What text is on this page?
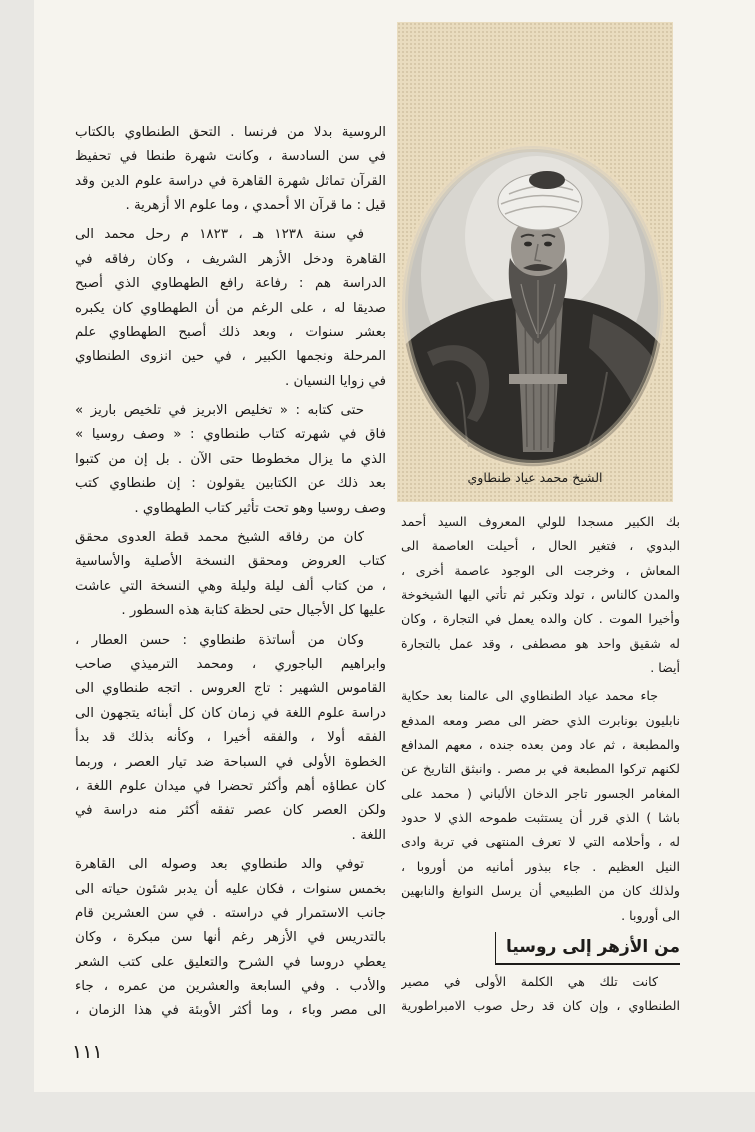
الشيخ محمد عياد طنطاوي
الروسية بدلا من فرنسا . التحق الطنطاوي بالكتاب
في سن السادسة ، وكانت شهرة طنطا في تحفيظ
القرآن تماثل شهرة القاهرة في دراسة علوم الدين وقد
قيل : ما قرآن الا أحمدي ، وما علوم الا أزهرية .
في سنة ١٢٣٨ هـ ، ١٨٢٣ م رحل محمد الى
القاهرة ودخل الأزهر الشريف ، وكان رفاقه في
الدراسة هم : رفاعة رافع الطهطاوي الذي أصبح
صديقا له ، على الرغم من أن الطهطاوي كان يكبره
بعشر سنوات ، وبعد ذلك أصبح الطهطاوي علم
المرحلة ونجمها الكبير ، في حين انزوى الطنطاوي
في زوايا النسيان .
حتى كتابه : « تخليص الابريز في تلخيص باريز »
فاق في شهرته كتاب طنطاوي : « وصف روسيا »
الذي ما يزال مخطوطا حتى الآن . بل إن من كتبوا
بعد ذلك عن الكتابين يقولون : إن طنطاوي كتب
وصف روسيا وهو تحت تأثير كتاب الطهطاوي .
كان من رفاقه الشيخ محمد قطة العدوى محقق
كتاب العروض ومحقق النسخة الأصلية والأساسية
، من كتاب ألف ليلة وليلة وهي النسخة التي عاشت
عليها كل الأجيال حتى لحظة كتابة هذه السطور .
وكان من أساتذة طنطاوي : حسن العطار ،
وابراهيم الباجوري ، ومحمد الترميذي صاحب
القاموس الشهير : تاج العروس . اتجه طنطاوي الى
دراسة علوم اللغة في زمان كان كل أبنائه يتجهون الى
الفقه أولا ، والفقه أخيرا ، وكأنه بذلك قد بدأ
الخطوة الأولى في السباحة ضد تيار العصر ، وربما
كان عطاؤه أهم وأكثر تحضرا في ميدان علوم اللغة ،
ولكن العصر كان عصر تفقه أكثر منه دراسة في
اللغة .
توفي والد طنطاوي بعد وصوله الى القاهرة
بخمس سنوات ، فكان عليه أن يدبر شئون حياته الى
جانب الاستمرار في دراسته . في سن العشرين قام
بالتدريس في الأزهر رغم أنها سن مبكرة ، وكان
يعطي دروسا في الشرح والتعليق على كتب الشعر
والأدب . وفي السابعة والعشرين من عمره ، جاء
الى مصر وباء ، وما أكثر الأوبئة في هذا الزمان ،
بك الكبير مسجدا للولي المعروف السيد أحمد
البدوي ، فتغير الحال ، أحيلت العاصمة الى
المعاش ، وخرجت الى الوجود عاصمة أخرى ،
والمدن كالناس ، تولد وتكبر ثم تأتي اليها الشيخوخة
وأخيرا الموت . كان والده يعمل في التجارة ، وكان
له شقيق واحد هو مصطفى ، وقد عمل بالتجارة
أيضا .
جاء محمد عياد الطنطاوي الى عالمنا بعد حكاية
نابليون بونابرت الذي حضر الى مصر ومعه المدفع
والمطبعة ، ثم عاد ومن بعده جنده ، معهم المدافع
لكنهم تركوا المطبعة في بر مصر . وانبثق التاريخ عن
المغامر الجسور تاجر الدخان الألباني ( محمد على
باشا ) الذي قرر أن يستثبت طموحه الذي لا حدود
له ، وأحلامه التي لا تعرف المنتهى في تربة وادى
النيل العظيم . جاء ببذور أمانيه من أوروبا ،
ولذلك كان من الطبيعي أن يرسل النوابغ والنابهين
الى أوروبا .
من الأزهر إلى روسيا
كانت تلك هي الكلمة الأولى في مصير
الطنطاوي ، وإن كان قد رحل صوب الامبراطورية
١١١
